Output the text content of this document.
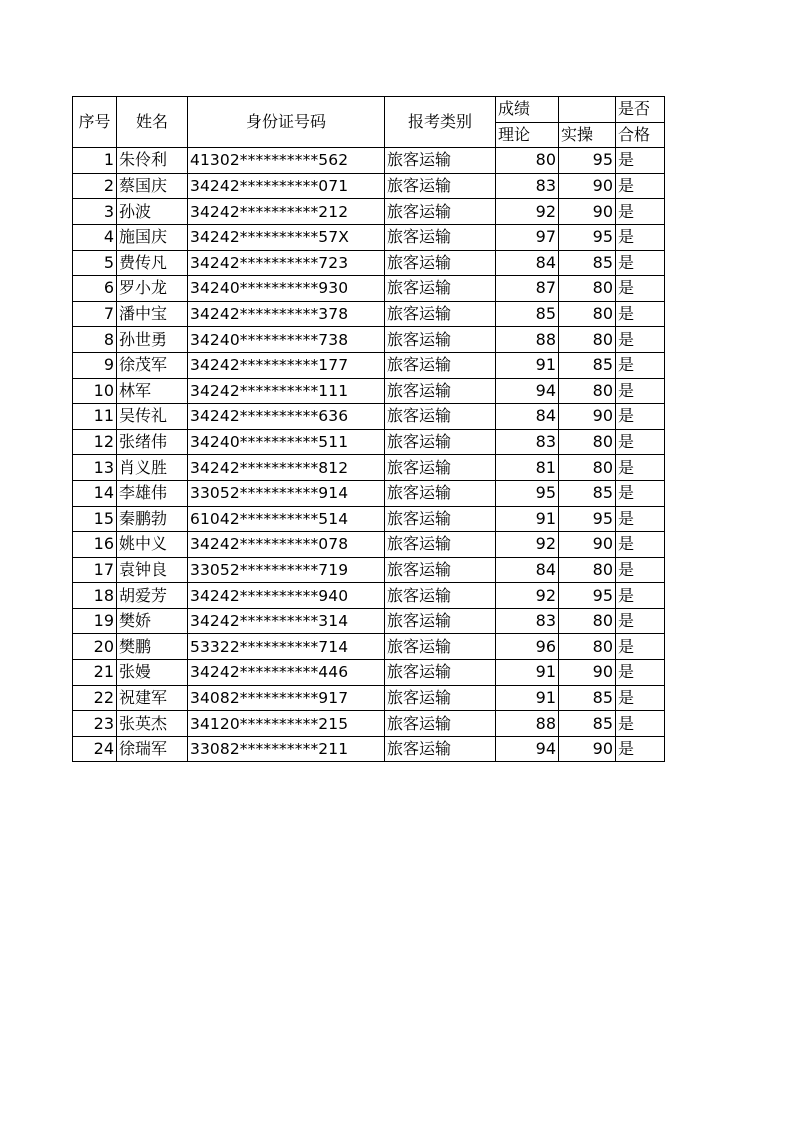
序号	姓名	身份证号码	报考类别	成绩		是否
				理论	实操	合格
1	朱伶利	41302**********562	旅客运输	80	95	是
2	蔡国庆	34242**********071	旅客运输	83	90	是
3	孙波	34242**********212	旅客运输	92	90	是
4	施国庆	34242**********57X	旅客运输	97	95	是
5	费传凡	34242**********723	旅客运输	84	85	是
6	罗小龙	34240**********930	旅客运输	87	80	是
7	潘中宝	34242**********378	旅客运输	85	80	是
8	孙世勇	34240**********738	旅客运输	88	80	是
9	徐茂军	34242**********177	旅客运输	91	85	是
10	林军	34242**********111	旅客运输	94	80	是
11	吴传礼	34242**********636	旅客运输	84	90	是
12	张绪伟	34240**********511	旅客运输	83	80	是
13	肖义胜	34242**********812	旅客运输	81	80	是
14	李雄伟	33052**********914	旅客运输	95	85	是
15	秦鹏勃	61042**********514	旅客运输	91	95	是
16	姚中义	34242**********078	旅客运输	92	90	是
17	袁钟良	33052**********719	旅客运输	84	80	是
18	胡爱芳	34242**********940	旅客运输	92	95	是
19	樊娇	34242**********314	旅客运输	83	80	是
20	樊鹏	53322**********714	旅客运输	96	80	是
21	张嫚	34242**********446	旅客运输	91	90	是
22	祝建军	34082**********917	旅客运输	91	85	是
23	张英杰	34120**********215	旅客运输	88	85	是
24	徐瑞军	33082**********211	旅客运输	94	90	是
